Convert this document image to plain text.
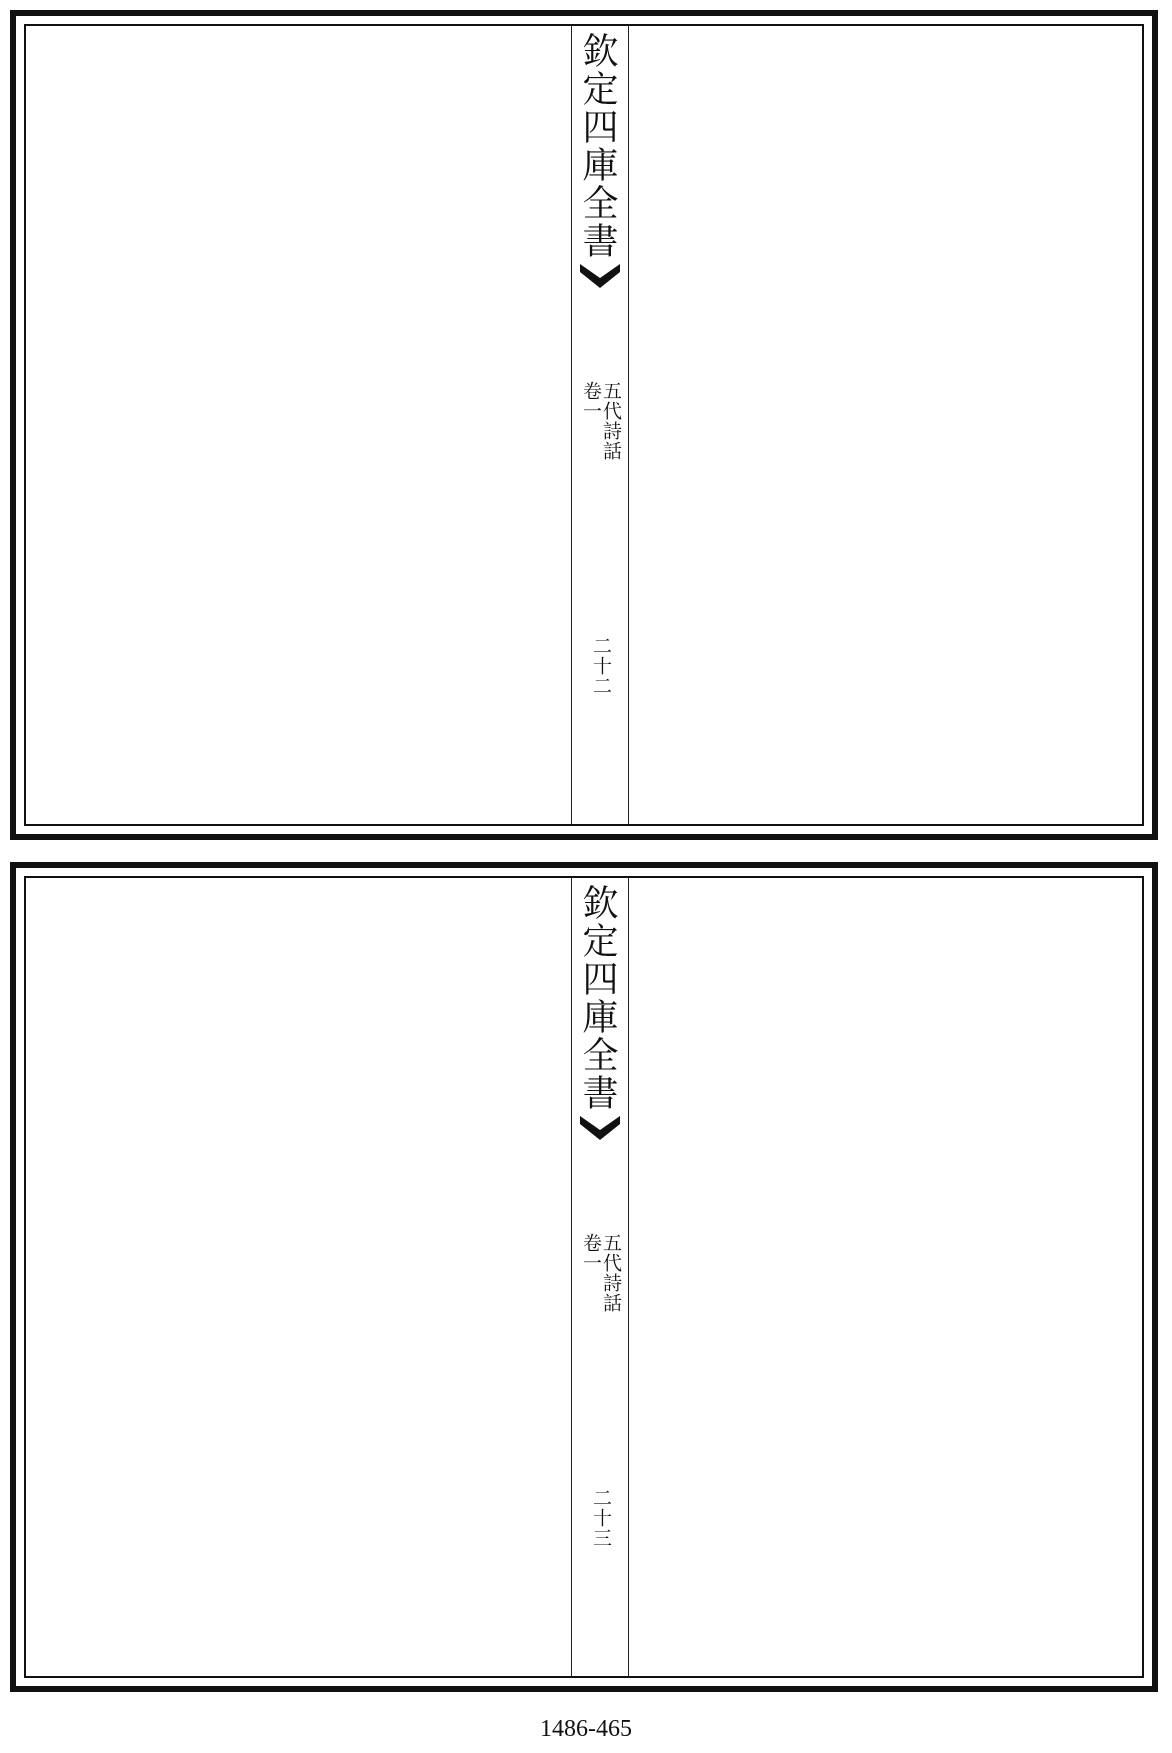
欽定四庫全書
五代詩話
卷一
二十二
欽定四庫全書
五代詩話
卷一
二十三
1486-465
